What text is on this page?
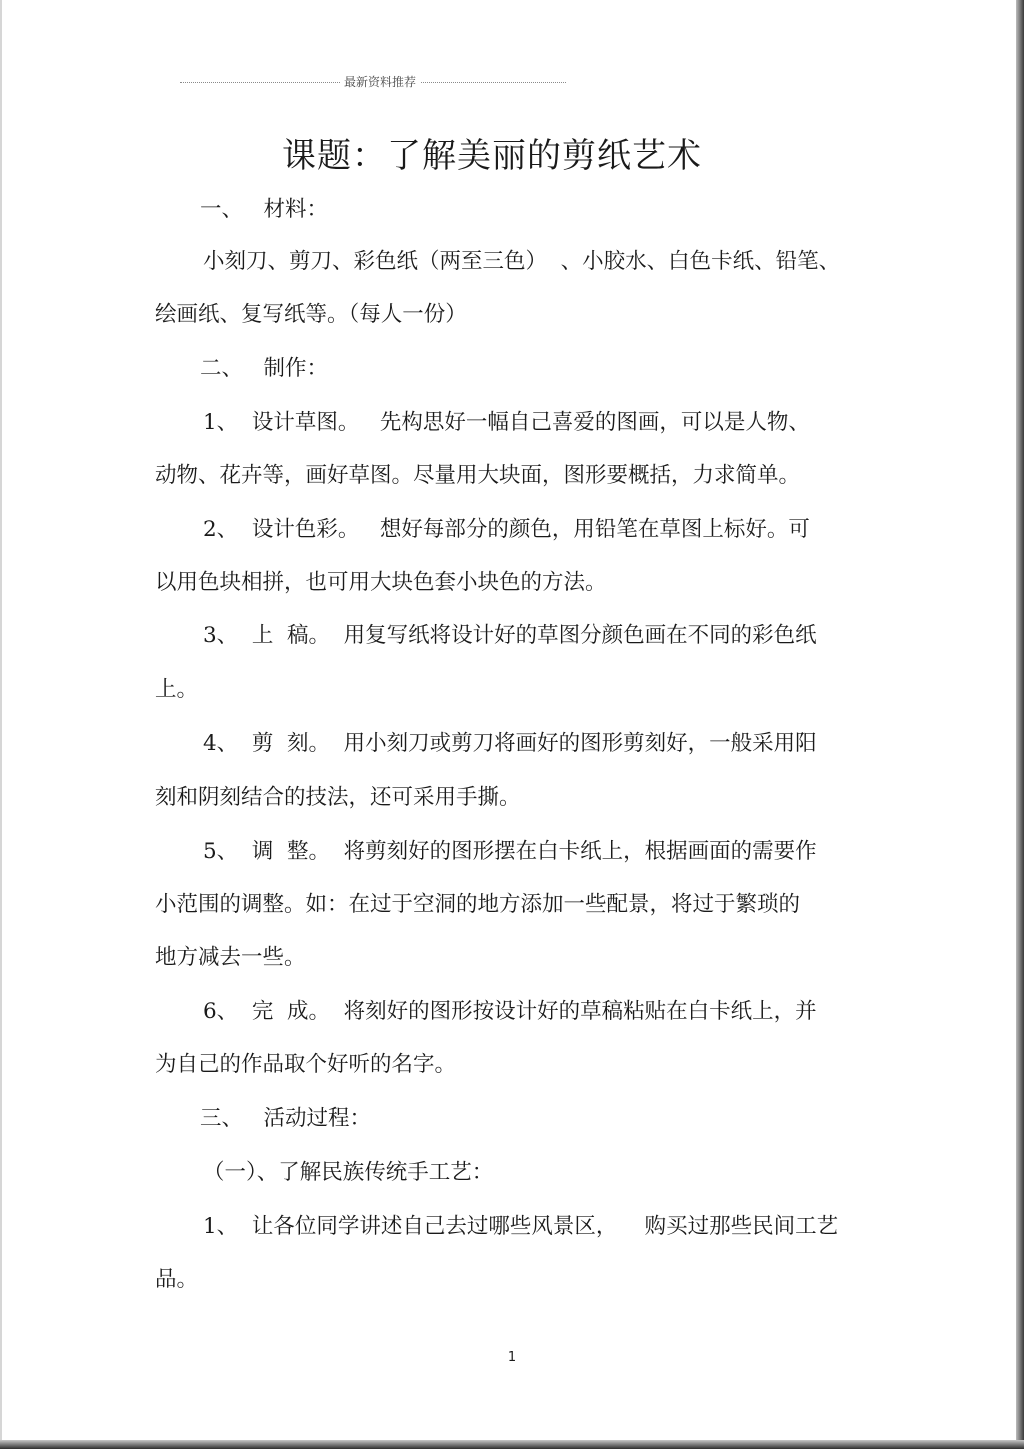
最新资料推荐
课题：了解美丽的剪纸艺术
一、   材料：
小刻刀、剪刀、彩色纸（两至三色）  、小胶水、白色卡纸、铅笔、
绘画纸、复写纸等。（每人一份）
二、   制作：
1、  设计草图。   先构思好一幅自己喜爱的图画，可以是人物、
动物、花卉等，画好草图。尽量用大块面，图形要概括，力求简单。
2、  设计色彩。   想好每部分的颜色，用铅笔在草图上标好。可
以用色块相拼，也可用大块色套小块色的方法。
3、  上  稿。  用复写纸将设计好的草图分颜色画在不同的彩色纸
上。
4、  剪  刻。  用小刻刀或剪刀将画好的图形剪刻好，一般采用阳
刻和阴刻结合的技法，还可采用手撕。
5、  调  整。  将剪刻好的图形摆在白卡纸上，根据画面的需要作
小范围的调整。如：在过于空洞的地方添加一些配景，将过于繁琐的
地方减去一些。
6、  完  成。  将刻好的图形按设计好的草稿粘贴在白卡纸上，并
为自己的作品取个好听的名字。
三、   活动过程：
（一）、了解民族传统手工艺：
1、  让各位同学讲述自己去过哪些风景区，    购买过那些民间工艺
品。
1
